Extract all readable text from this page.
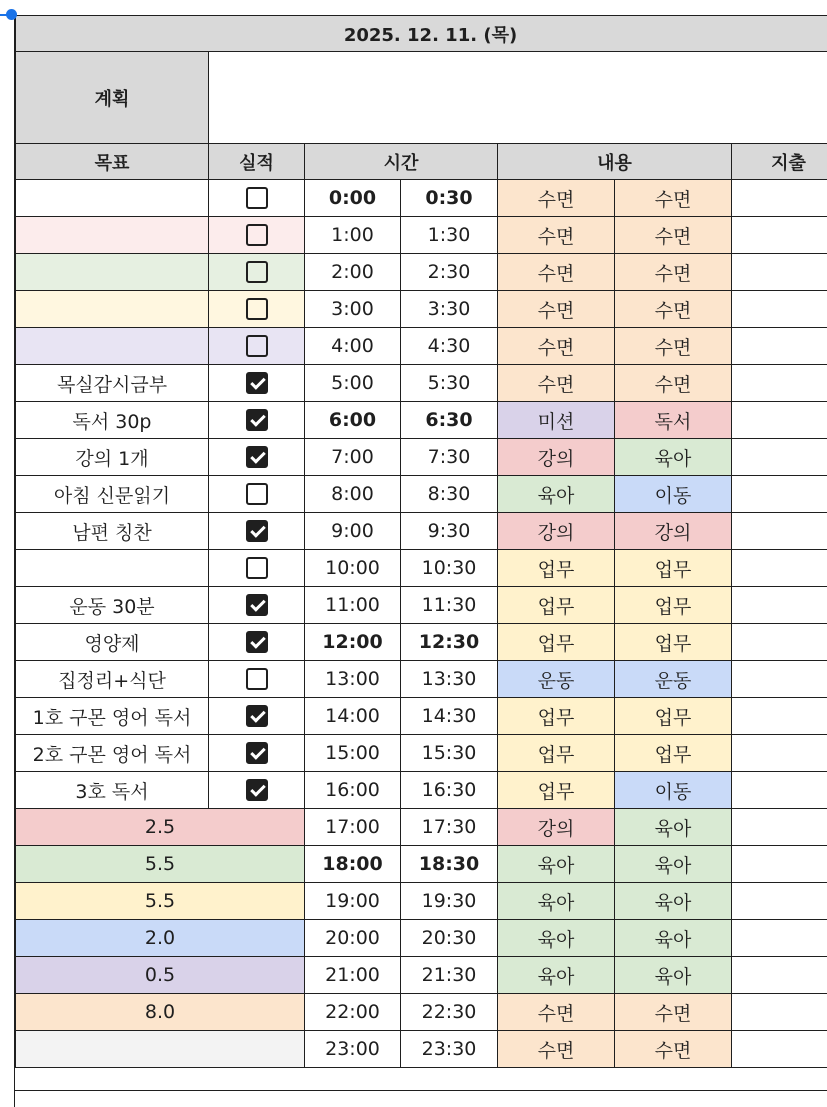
2025. 12. 11. (목)						
계획						
목표	실적	시간		내용		지출
		0:00	0:30	수면	수면	
		1:00	1:30	수면	수면	
		2:00	2:30	수면	수면	
		3:00	3:30	수면	수면	
		4:00	4:30	수면	수면	
목실감시금부		5:00	5:30	수면	수면	
독서 30p		6:00	6:30	미션	독서	
강의 1개		7:00	7:30	강의	육아	
아침 신문읽기		8:00	8:30	육아	이동	
남편 칭찬		9:00	9:30	강의	강의	
		10:00	10:30	업무	업무	
운동 30분		11:00	11:30	업무	업무	
영양제		12:00	12:30	업무	업무	
집정리+식단		13:00	13:30	운동	운동	
1호 구몬 영어 독서		14:00	14:30	업무	업무	
2호 구몬 영어 독서		15:00	15:30	업무	업무	
3호 독서		16:00	16:30	업무	이동	
2.5		17:00	17:30	강의	육아	
5.5		18:00	18:30	육아	육아	
5.5		19:00	19:30	육아	육아	
2.0		20:00	20:30	육아	육아	
0.5		21:00	21:30	육아	육아	
8.0		22:00	22:30	수면	수면	
		23:00	23:30	수면	수면	
